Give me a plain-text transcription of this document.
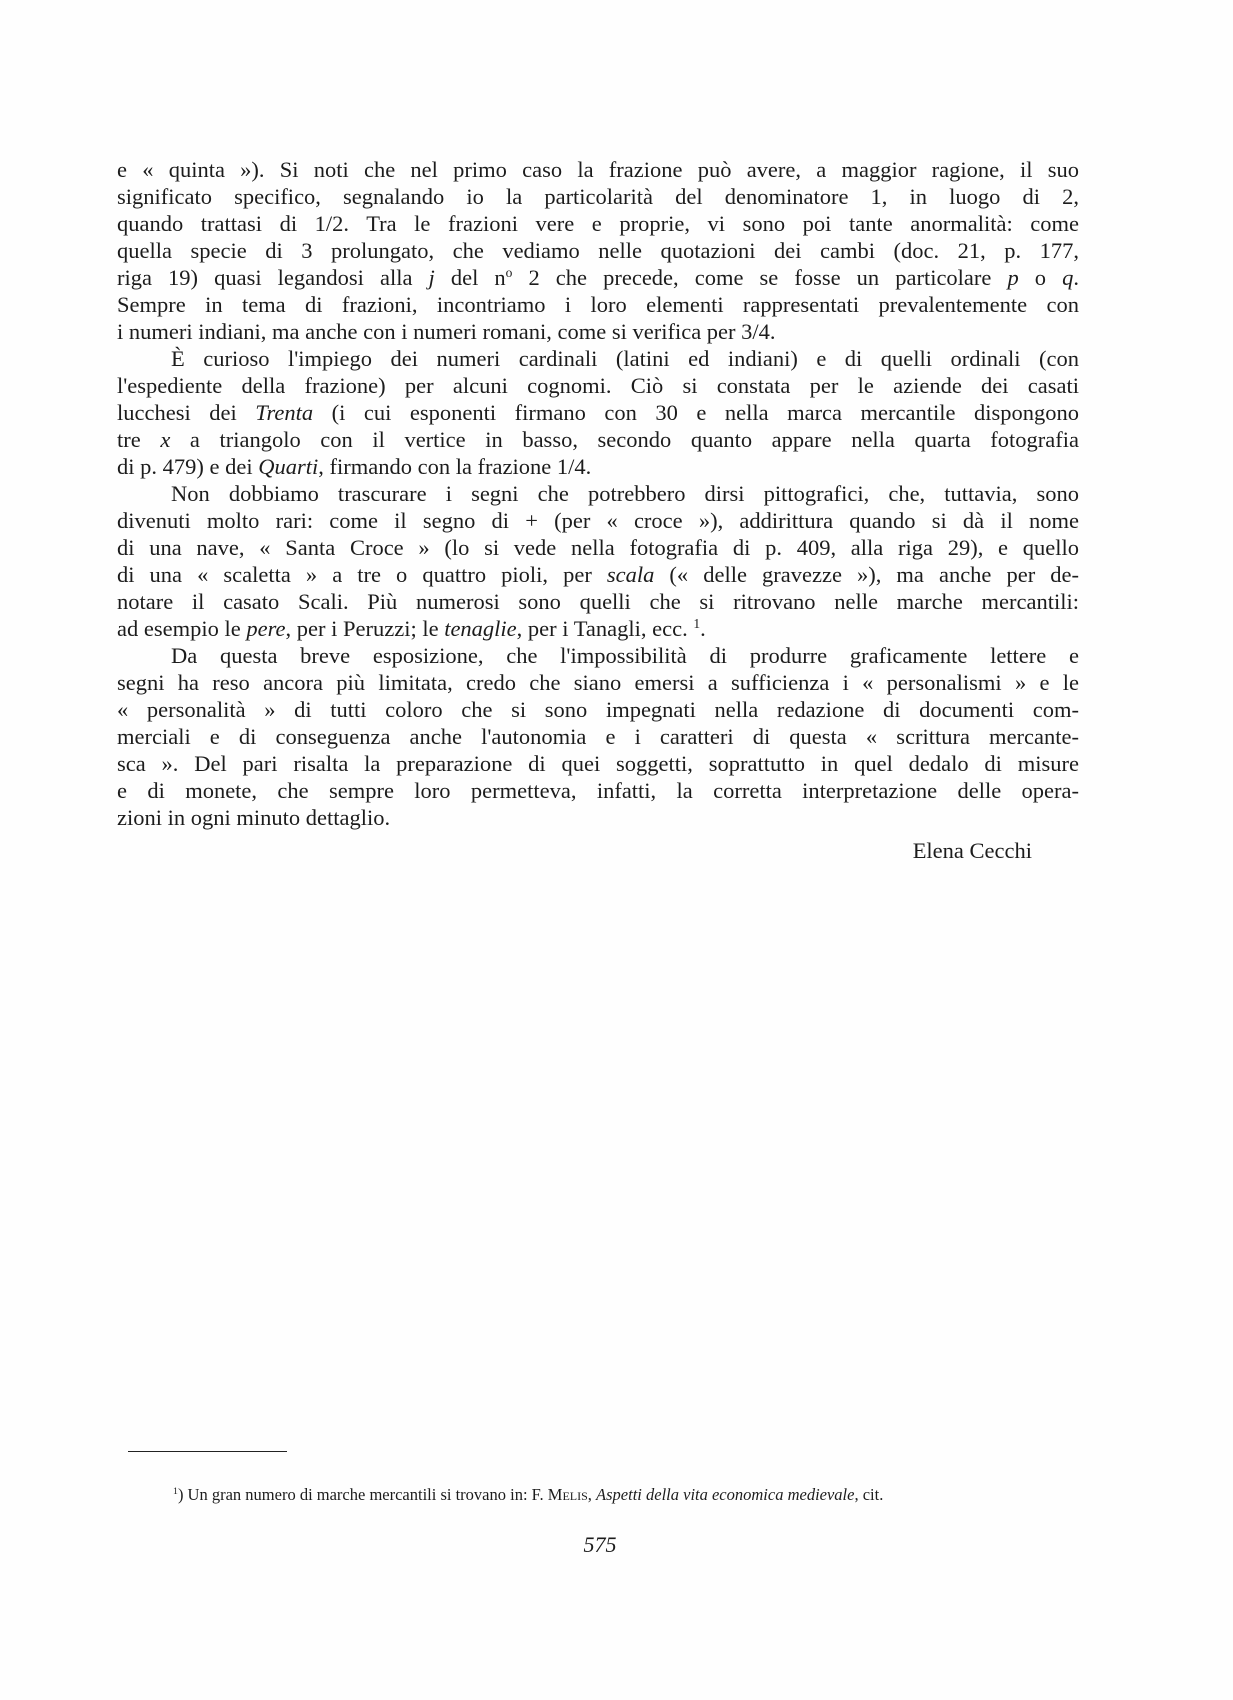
e « quinta »). Si noti che nel primo caso la frazione può avere, a maggior ragione, il suo
significato specifico, segnalando io la particolarità del denominatore 1, in luogo di 2,
quando trattasi di 1/2. Tra le frazioni vere e proprie, vi sono poi tante anormalità: come
quella specie di 3 prolungato, che vediamo nelle quotazioni dei cambi (doc. 21, p. 177,
riga 19) quasi legandosi alla j del $n^o$ 2 che precede, come se fosse un particolare p o q.
Sempre in tema di frazioni, incontriamo i loro elementi rappresentati prevalentemente con
i numeri indiani, ma anche con i numeri romani, come si verifica per 3/4.
È curioso l'impiego dei numeri cardinali (latini ed indiani) e di quelli ordinali (con
l'espediente della frazione) per alcuni cognomi. Ciò si constata per le aziende dei casati
lucchesi dei Trenta (i cui esponenti firmano con 30 e nella marca mercantile dispongono
tre x a triangolo con il vertice in basso, secondo quanto appare nella quarta fotografia
di p. 479) e dei Quarti, firmando con la frazione 1/4.
Non dobbiamo trascurare i segni che potrebbero dirsi pittografici, che, tuttavia, sono
divenuti molto rari: come il segno di + (per « croce »), addirittura quando si dà il nome
di una nave, « Santa Croce » (lo si vede nella fotografia di p. 409, alla riga 29), e quello
di una « scaletta » a tre o quattro pioli, per scala (« delle gravezze »), ma anche per de-
notare il casato Scali. Più numerosi sono quelli che si ritrovano nelle marche mercantili:
ad esempio le pere, per i Peruzzi; le tenaglie, per i Tanagli, ecc. $^1$.
Da questa breve esposizione, che l'impossibilità di produrre graficamente lettere e
segni ha reso ancora più limitata, credo che siano emersi a sufficienza i « personalismi » e le
« personalità » di tutti coloro che si sono impegnati nella redazione di documenti com-
merciali e di conseguenza anche l'autonomia e i caratteri di questa « scrittura mercante-
sca ». Del pari risalta la preparazione di quei soggetti, soprattutto in quel dedalo di misure
e di monete, che sempre loro permetteva, infatti, la corretta interpretazione delle opera-
zioni in ogni minuto dettaglio.
Elena Cecchi
$^1$) Un gran numero di marche mercantili si trovano in: F. Melis, Aspetti della vita economica medievale, cit.
575
